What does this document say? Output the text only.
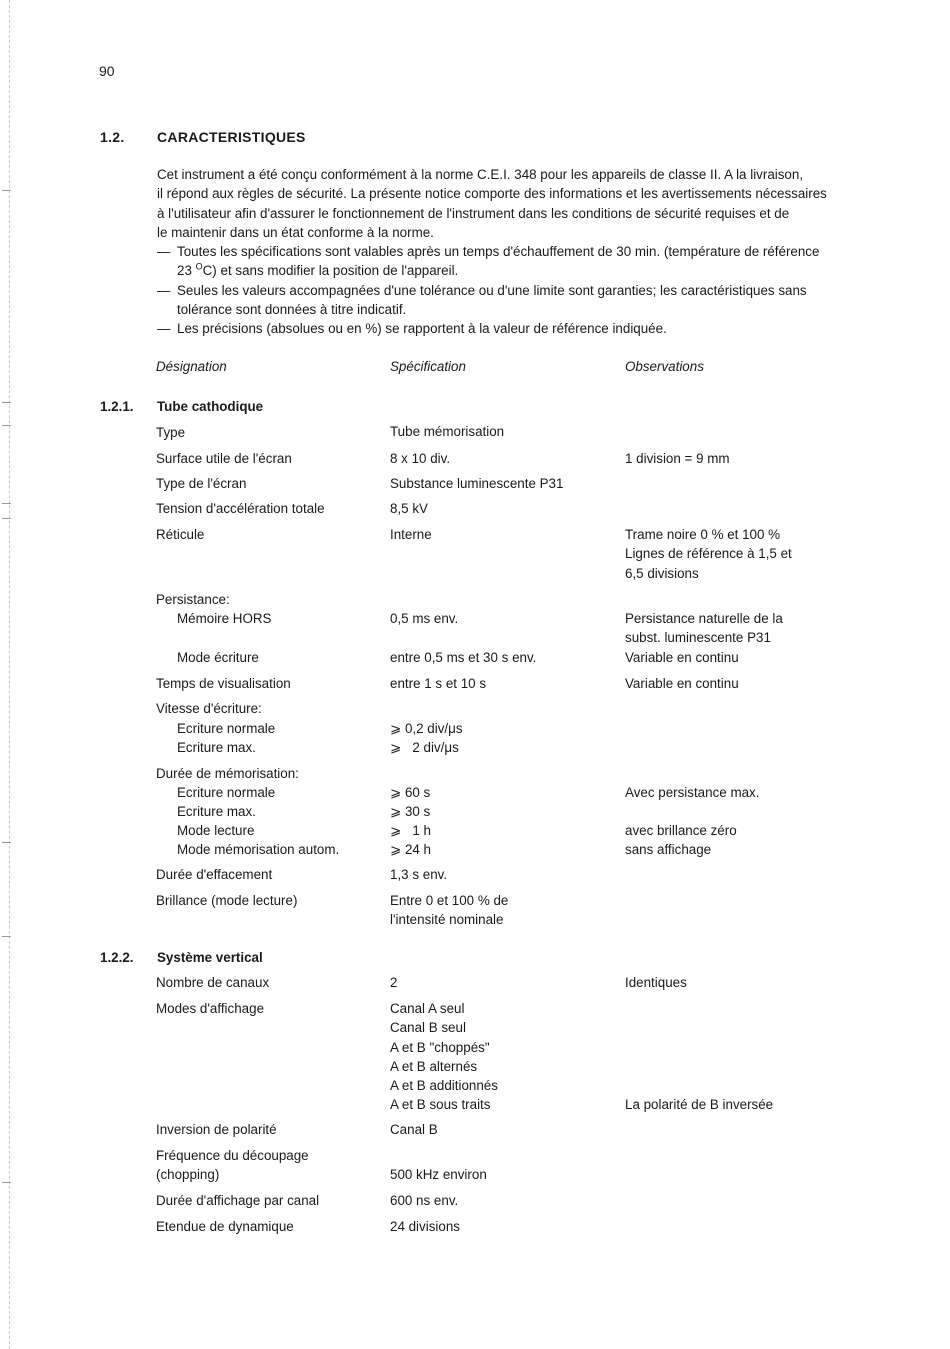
90
1.2. CARACTERISTIQUES

Cet instrument a été conçu conformément à la norme C.E.I. 348 pour les appareils de classe II. A la livraison,

il répond aux règles de sécurité. La présente notice comporte des informations et les avertissements nécessaires

à l'utilisateur afin d'assurer le fonctionnement de l'instrument dans les conditions de sécurité requises et de

le maintenir dans un état conforme à la norme.

— Toutes les spécifications sont valables après un temps d'échauffement de 30 min. (température de référence

23 $^O$C) et sans modifier la position de l'appareil.

— Seules les valeurs accompagnées d'une tolérance ou d'une limite sont garanties; les caractéristiques sans

tolérance sont données à titre indicatif.

— Les précisions (absolues ou en %) se rapportent à la valeur de référence indiquée.

Désignation	Spécification	Observations
1.2.1. Tube cathodique
Type	Tube mémorisation
Surface utile de l'écran	8 x 10 div.	1 division = 9 mm
Type de l'écran	Substance luminescente P31
Tension d'accélération totale	8,5 kV
Réticule	Interne	Trame noire 0 % et 100 %
Lignes de référence à 1,5 et
6,5 divisions
Persistance:
Mémoire HORS	0,5 ms env.	Persistance naturelle de la
subst. luminescente P31
Mode écriture	entre 0,5 ms et 30 s env.	Variable en continu
Temps de visualisation	entre 1 s et 10 s	Variable en continu
Vitesse d'écriture:
Ecriture normale	⩾ 0,2 div/μs
Ecriture max.	⩾   2 div/μs
Durée de mémorisation:
Ecriture normale	⩾ 60 s	Avec persistance max.
Ecriture max.	⩾ 30 s
Mode lecture	⩾   1 h	avec brillance zéro
Mode mémorisation autom.	⩾ 24 h	sans affichage
Durée d'effacement	1,3 s env.
Brillance (mode lecture)	Entre 0 et 100 % de
l'intensité nominale
1.2.2. Système vertical
Nombre de canaux	2	Identiques
Modes d'affichage	Canal A seul
Canal B seul
A et B "choppés"
A et B alternés
A et B additionnés
A et B sous traits	La polarité de B inversée
Inversion de polarité	Canal B
Fréquence du découpage
(chopping)	500 kHz environ
Durée d'affichage par canal	600 ns env.
Etendue de dynamique	24 divisions
